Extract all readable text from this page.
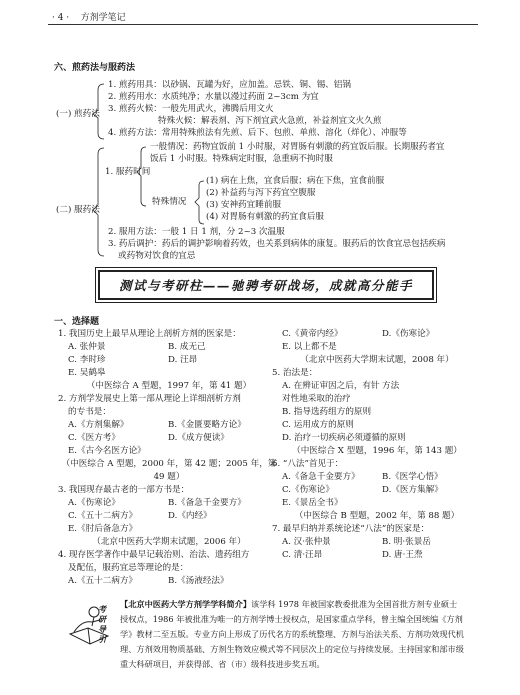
· 4 · 方剂学笔记
六、煎药法与服药法
(一) 煎药法
1. 煎药用具：以砂锅、瓦罐为好，应加盖。忌铁、铜、锡、铝锅
2. 煎药用水：水质纯净；水量以漫过药面 2~3cm 为宜
3. 煎药火候：一般先用武火，沸腾后用文火
特殊火候：解表剂、泻下剂宜武火急煎，补益剂宜文火久煎
4. 煎药方法：常用特殊煎法有先煎、后下、包煎、单煎、溶化（烊化）、冲服等
(二) 服药法
1. 服药时间
一般情况：药物宜饭前 1 小时服，对胃肠有刺激的药宜饭后服。长期服药者宜
饭后 1 小时服。特殊病定时服，急重病不拘时服
特殊情况
(1) 病在上焦，宜食后服；病在下焦，宜食前服
(2) 补益药与泻下药宜空腹服
(3) 安神药宜睡前服
(4) 对胃肠有刺激的药宜食后服
2. 服用方法：一般 1 日 1 剂，分 2~3 次温服
3. 药后调护：药后的调护影响着药效，也关系到病体的康复。服药后的饮食宜忌包括疾病
或药物对饮食的宜忌
测试与考研柱——驰骋考研战场，成就高分能手
一、选择题
1. 我国历史上最早从理论上剖析方剂的医家是：
A. 张仲景	B. 成无己
C. 李时珍	D. 汪昂
E. 吴鹤皋
（中医综合 A 型题，1997 年，第 41 题）
2. 方剂学发展史上第一部从理论上详细剖析方剂
的专书是：
A.《方剂集解》	B.《金匮要略方论》
C.《医方考》	D.《成方便读》
E.《古今名医方论》
（中医综合 A 型题，2000 年，第 42 题；2005 年，第 49 题）
3. 我国现存最古老的一部方书是：
A.《伤寒论》	B.《备急千金要方》
C.《五十二病方》	D.《内经》
E.《肘后备急方》
（北京中医药大学期末试题，2006 年）
4. 现存医学著作中最早记载治则、治法、遗药组方
及配伍，服药宜忌等理论的是：
A.《五十二病方》	B.《汤液经法》
C.《黄帝内经》	D.《伤寒论》
E. 以上都不是
（北京中医药大学期末试题，2008 年）
5. 治法是：
A. 在辨证审因之后，有针对性地采取的治疗
方法
B. 指导选药组方的原则
C. 运用成方的原则
D. 治疗一切疾病必须遵循的原则
（中医综合 X 型题，1996 年，第 143 题）
6. “八法”首见于：
A.《备急千金要方》	B.《医学心悟》
C.《伤寒论》	D.《医方集解》
E.《景岳全书》
（中医综合 B 型题，2002 年，第 88 题）
7. 最早归纳并系统论述“八法”的医家是：
A. 汉·张仲景	B. 明·张景岳
C. 清·汪昂	D. 唐·王焘
考研导引
【北京中医药大学方剂学学科简介】该学科 1978 年被国家教委批准为全国首批方剂专业硕士授权点，1986 年被批准为唯一的方剂学博士授权点，是国家重点学科，曾主编全国统编《方剂学》教材二至五版。专业方向上形成了历代名方的系统整理、方剂与治法关系、方剂功效现代机理、方剂效用物质基础、方剂生物效应模式等不同层次上的定位与持续发展。主持国家和部市级重大科研项目，并获得部、省（市）级科技进步奖五项。
